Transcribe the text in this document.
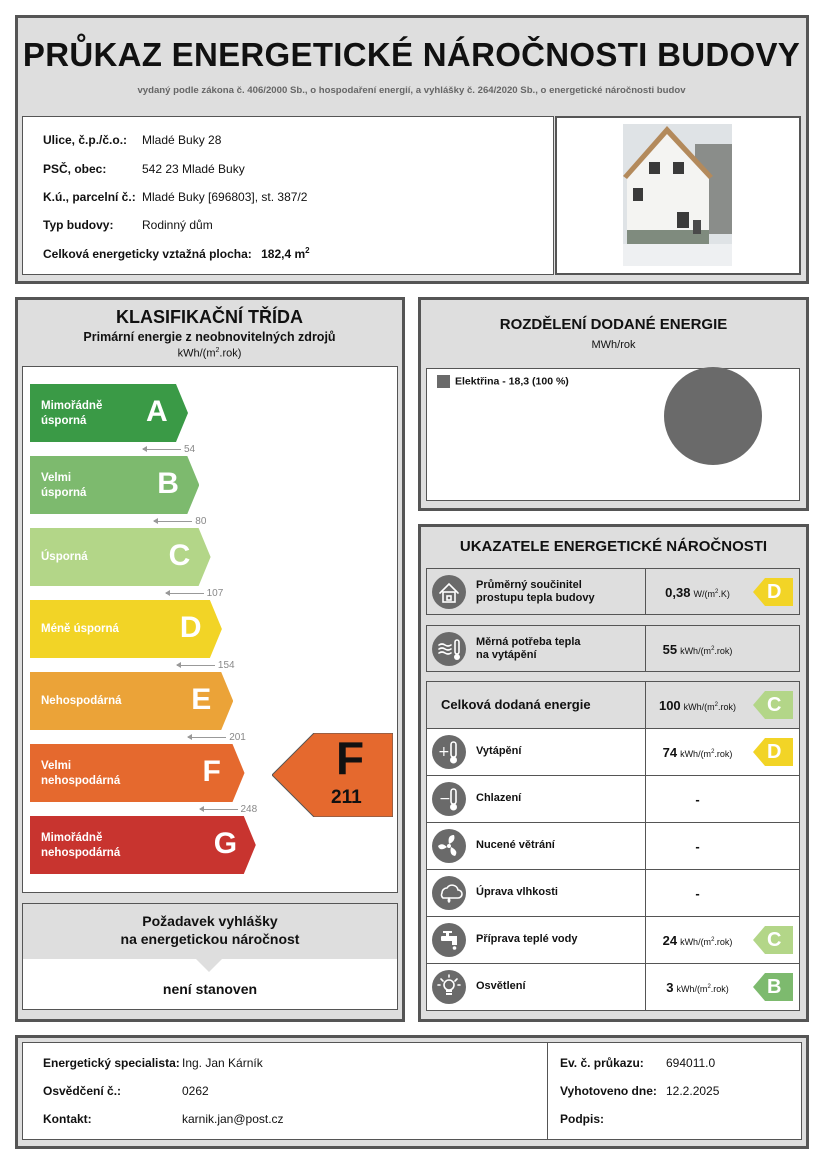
PRŮKAZ ENERGETICKÉ NÁROČNOSTI BUDOVY
vydaný podle zákona č. 406/2000 Sb., o hospodaření energií, a vyhlášky č. 264/2020 Sb., o energetické náročnosti budov
Ulice, č.p./č.o.: Mladé Buky 28
PSČ, obec:	542 23 Mladé Buky
K.ú., parcelní č.: Mladé Buky [696803], st. 387/2
Typ budovy: Rodinný dům
Celková energeticky vztažná plocha: 182,4 $m^2$
KLASIFIKAČNÍ TŘÍDA
Primární energie z neobnovitelných zdrojů
kWh/$(m^2.rok)$
Mimořádně
úsporná	A
Velmi
úsporná B
Úsporná	C
Méně úsporná D
Nehospodárná E
Velmi
nehospodárná	F
Mimořádně
nehospodárná	G
54
80
107
154
201
248
F
211
Požadavek vyhlášky
na energetickou náročnost
není stanoven
ROZDĚLENÍ DODANÉ ENERGIE
MWh/rok
Elektřina - 18,3 (100 %)
UKAZATELE ENERGETICKÉ NÁROČNOSTI
Průměrný součinitel
prostupu tepla budovy	0,38 $W/(m^2.K)$	D
Měrná potřeba tepla
na vytápění	55 kWh/$(m^2.rok)$
Celková dodaná energie	100 kWh/$(m^2.rok)$	C
+ Vytápění	74 kWh/$(m^2.rok)$	D
− Chlazení	-
Nucené větrání	-
Úprava vlhkosti	-
Příprava teplé vody	24 kWh/$(m^2.rok)$	C
Osvětlení	3 kWh/$(m^2.rok)$	B
Energetický specialista: Ing. Jan Kárník
Osvědčení č.:	0262
Kontakt:	karnik.jan@post.cz
Ev. č. průkazu: 694011.0
Vyhotoveno dne: 12.2.2025
Podpis:
